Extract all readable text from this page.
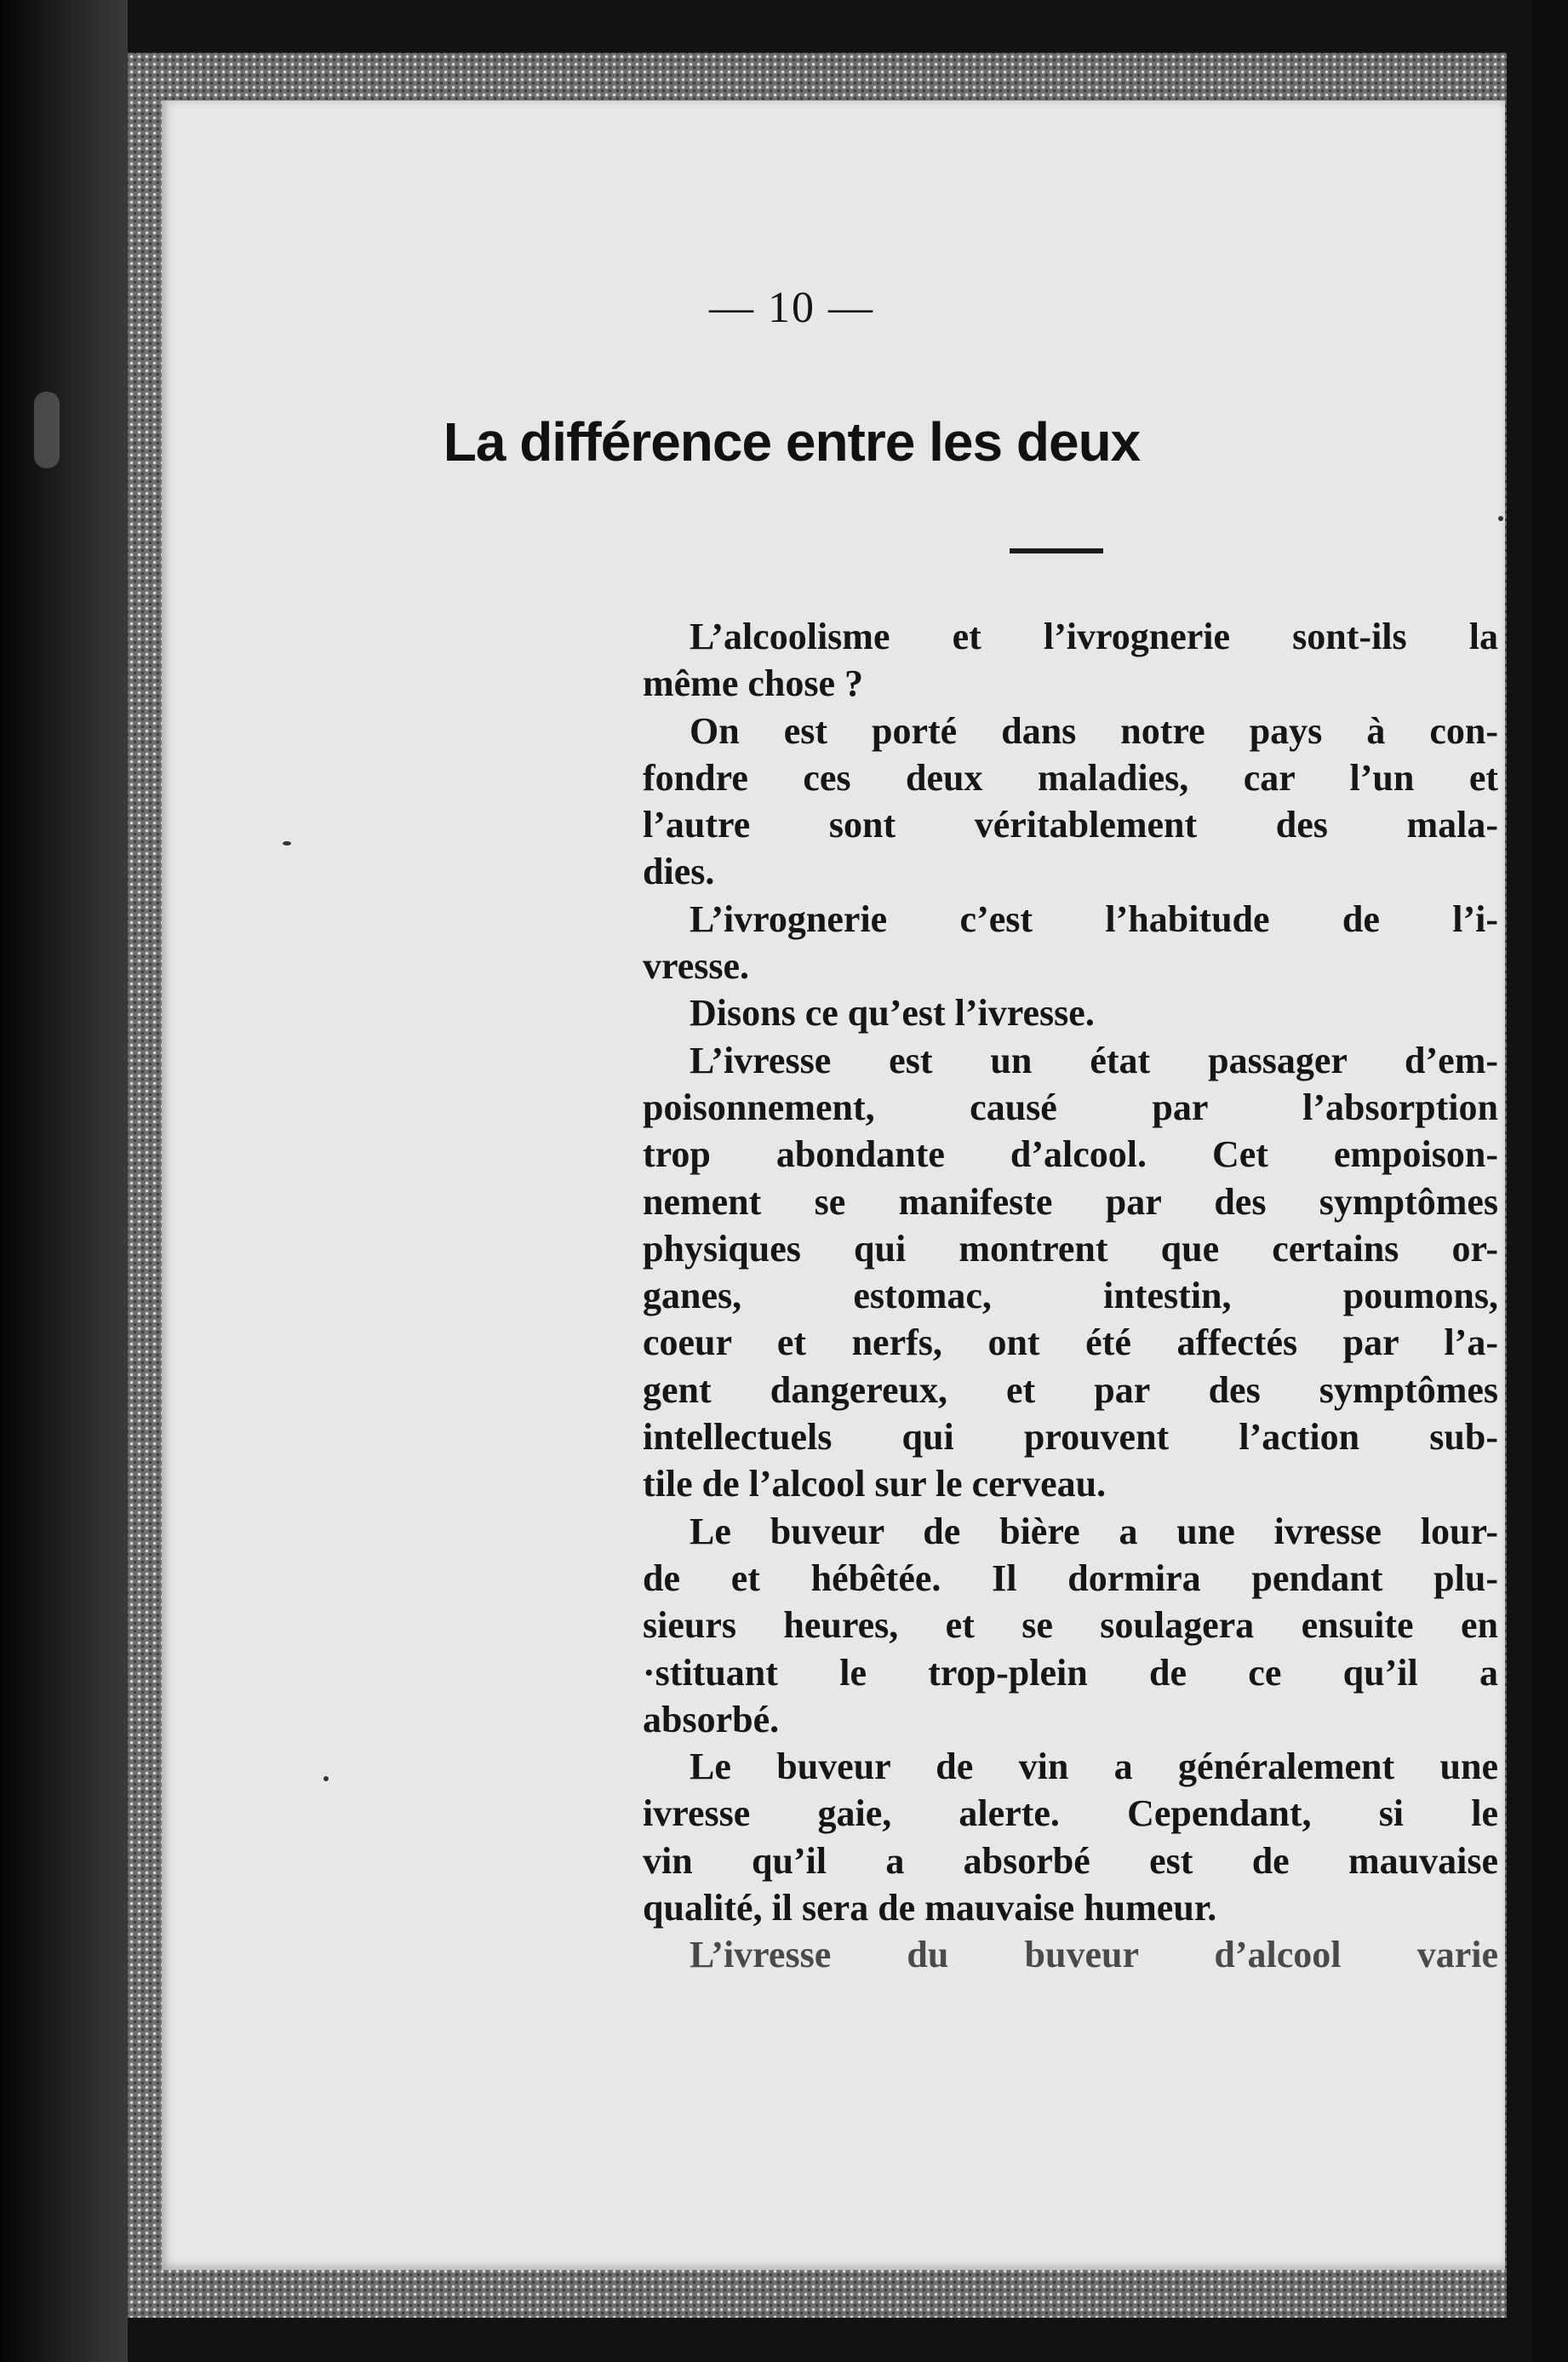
— 10 —
La différence entre les deux
L’alcoolisme et l’ivrognerie sont-ils la
même chose ?
On est porté dans notre pays à con-
fondre ces deux maladies, car l’un et
l’autre sont véritablement des mala-
dies.
L’ivrognerie c’est l’habitude de l’i-
vresse.
Disons ce qu’est l’ivresse.
L’ivresse est un état passager d’em-
poisonnement, causé par l’absorption
trop abondante d’alcool. Cet empoison-
nement se manifeste par des symptômes
physiques qui montrent que certains or-
ganes, estomac, intestin, poumons,
coeur et nerfs, ont été affectés par l’a-
gent dangereux, et par des symptômes
intellectuels qui prouvent l’action sub-
tile de l’alcool sur le cerveau.
Le buveur de bière a une ivresse lour-
de et hébêtée. Il dormira pendant plu-
sieurs heures, et se soulagera ensuite en
·stituant le trop-plein de ce qu’il a
absorbé.
Le buveur de vin a généralement une
ivresse gaie, alerte. Cependant, si le
vin qu’il a absorbé est de mauvaise
qualité, il sera de mauvaise humeur.
L’ivresse du buveur d’alcool varie
